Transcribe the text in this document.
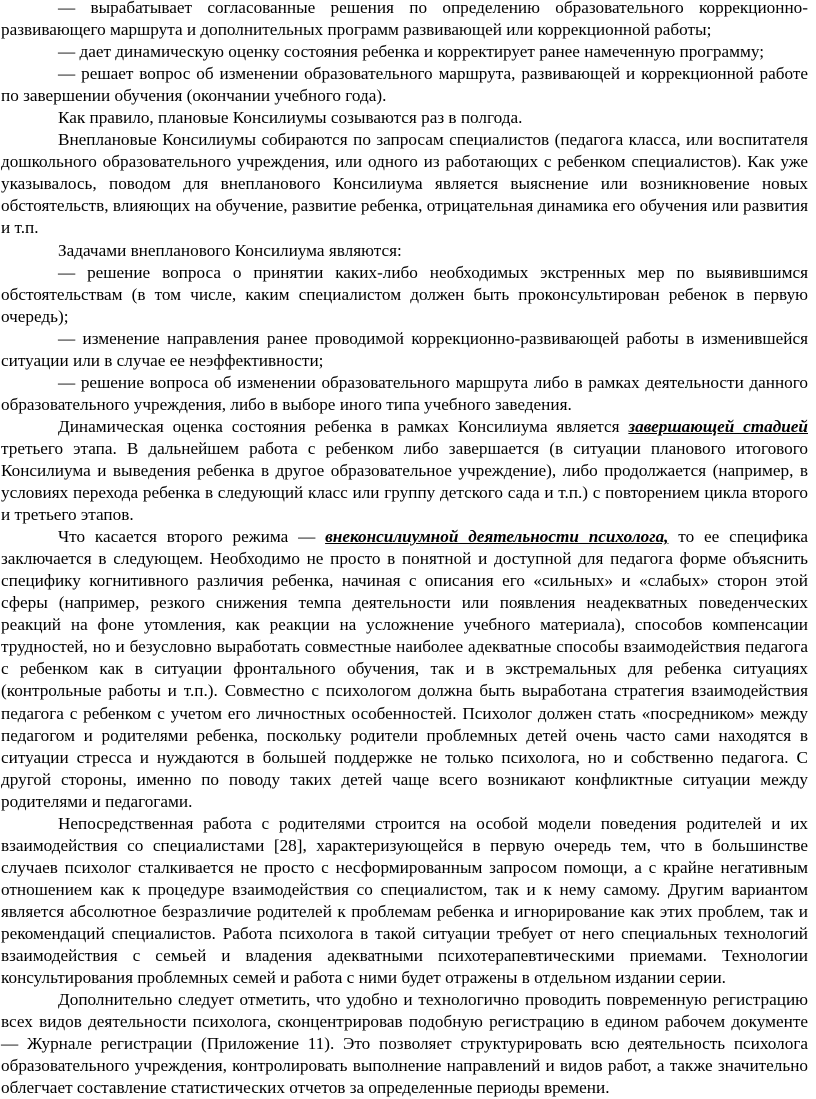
— вырабатывает согласованные решения по определению образовательного коррекционно-развивающего маршрута и дополнительных программ развивающей или коррекционной работы;

— дает динамическую оценку состояния ребенка и корректирует ранее намеченную программу;

— решает вопрос об изменении образовательного маршрута, развивающей и коррекционной работе по завершении обучения (окончании учебного года).

Как правило, плановые Консилиумы созываются раз в полгода.

Внеплановые Консилиумы собираются по запросам специалистов (педагога класса, или воспитателя дошкольного образовательного учреждения, или одного из работающих с ребенком специалистов). Как уже указывалось, поводом для внепланового Консилиума является выяснение или возникновение новых обстоятельств, влияющих на обучение, развитие ребенка, отрицательная динамика его обучения или развития и т.п.

Задачами внепланового Консилиума являются:

— решение вопроса о принятии каких-либо необходимых экстренных мер по выявившимся обстоятельствам (в том числе, каким специалистом должен быть проконсультирован ребенок в первую очередь);

— изменение направления ранее проводимой коррекционно-развивающей работы в изменившейся ситуации или в случае ее неэффективности;

— решение вопроса об изменении образовательного маршрута либо в рамках деятельности данного образовательного учреждения, либо в выборе иного типа учебного заведения.

Динамическая оценка состояния ребенка в рамках Консилиума является завершающей стадией третьего этапа. В дальнейшем работа с ребенком либо завершается (в ситуации планового итогового Консилиума и выведения ребенка в другое образовательное учреждение), либо продолжается (например, в условиях перехода ребенка в следующий класс или группу детского сада и т.п.) с повторением цикла второго и третьего этапов.

Что касается второго режима — внеконсилиумной деятельности психолога, то ее специфика заключается в следующем. Необходимо не просто в понятной и доступной для педагога форме объяснить специфику когнитивного различия ребенка, начиная с описания его «сильных» и «слабых» сторон этой сферы (например, резкого снижения темпа деятельности или появления неадекватных поведенческих реакций на фоне утомления, как реакции на усложнение учебного материала), способов компенсации трудностей, но и безусловно выработать совместные наиболее адекватные способы взаимодействия педагога с ребенком как в ситуации фронтального обучения, так и в экстремальных для ребенка ситуациях (контрольные работы и т.п.). Совместно с психологом должна быть выработана стратегия взаимодействия педагога с ребенком с учетом его личностных особенностей. Психолог должен стать «посредником» между педагогом и родителями ребенка, поскольку родители проблемных детей очень часто сами находятся в ситуации стресса и нуждаются в большей поддержке не только психолога, но и собственно педагога. С другой стороны, именно по поводу таких детей чаще всего возникают конфликтные ситуации между родителями и педагогами.

Непосредственная работа с родителями строится на особой модели поведения родителей и их взаимодействия со специалистами [28], характеризующейся в первую очередь тем, что в большинстве случаев психолог сталкивается не просто с несформированным запросом помощи, а с крайне негативным отношением как к процедуре взаимодействия со специалистом, так и к нему самому. Другим вариантом является абсолютное безразличие родителей к проблемам ребенка и игнорирование как этих проблем, так и рекомендаций специалистов. Работа психолога в такой ситуации требует от него специальных технологий взаимодействия с семьей и владения адекватными психотерапевтическими приемами. Технологии консультирования проблемных семей и работа с ними будет отражены в отдельном издании серии.

Дополнительно следует отметить, что удобно и технологично проводить повременную регистрацию всех видов деятельности психолога, сконцентрировав подобную регистрацию в едином рабочем документе — Журнале регистрации (Приложение 11). Это позволяет структурировать всю деятельность психолога образовательного учреждения, контролировать выполнение направлений и видов работ, а также значительно облегчает составление статистических отчетов за определенные периоды времени.
